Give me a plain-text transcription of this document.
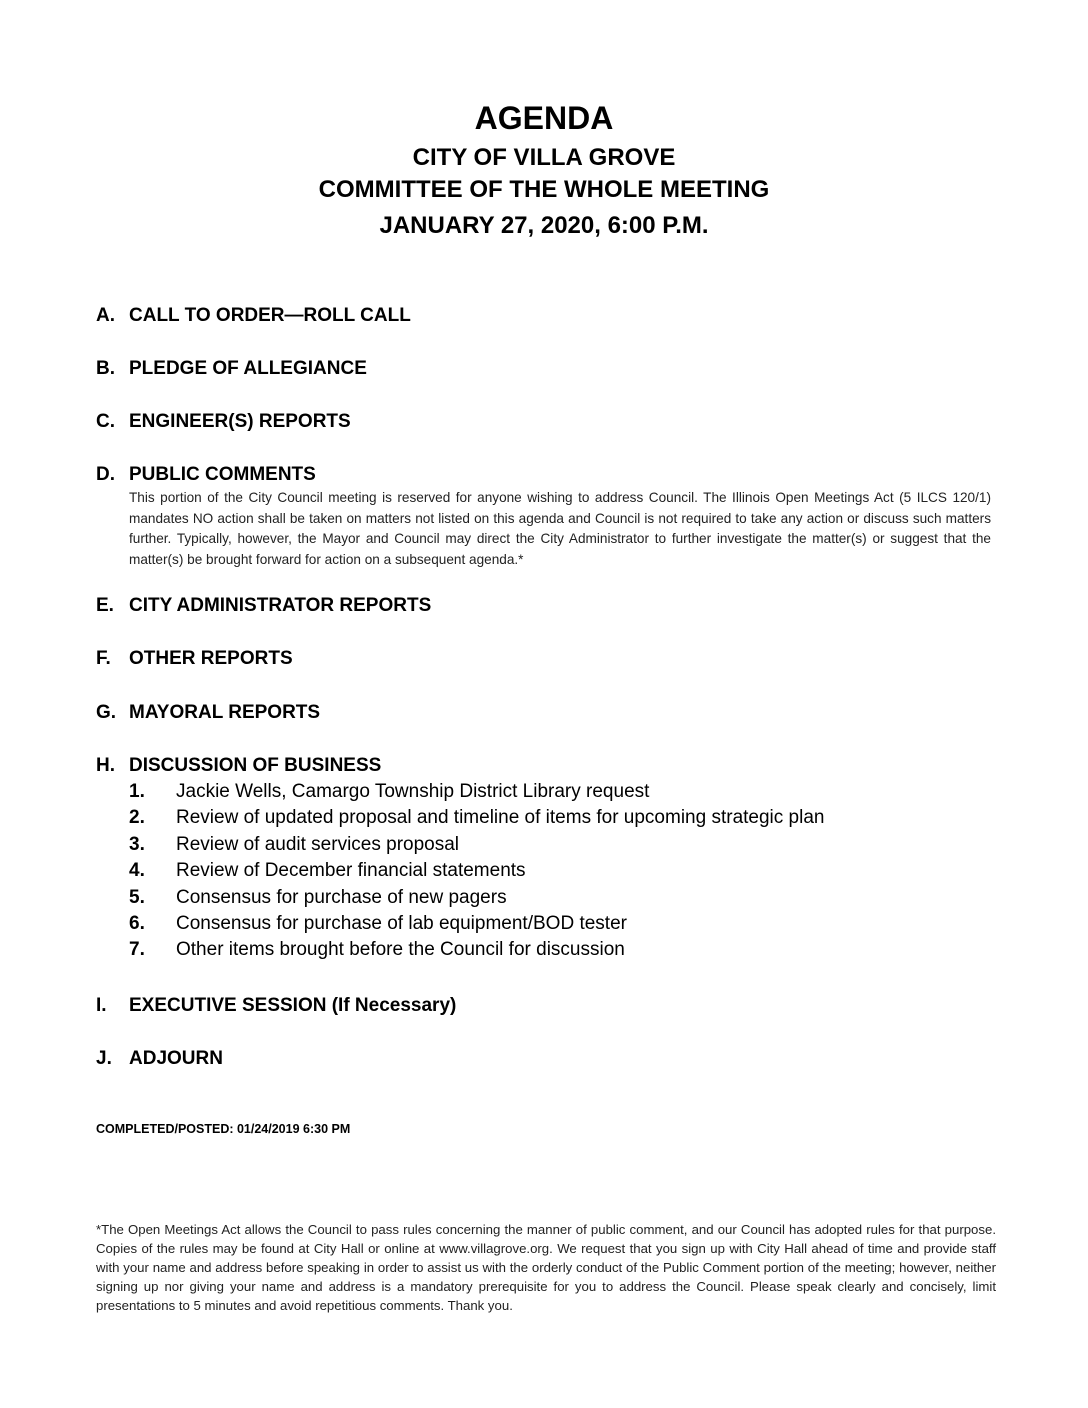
AGENDA
CITY OF VILLA GROVE
COMMITTEE OF THE WHOLE MEETING
JANUARY 27, 2020, 6:00 P.M.
A. CALL TO ORDER—ROLL CALL
B. PLEDGE OF ALLEGIANCE
C. ENGINEER(S) REPORTS
D. PUBLIC COMMENTS
This portion of the City Council meeting is reserved for anyone wishing to address Council. The Illinois Open Meetings Act (5 ILCS 120/1) mandates NO action shall be taken on matters not listed on this agenda and Council is not required to take any action or discuss such matters further. Typically, however, the Mayor and Council may direct the City Administrator to further investigate the matter(s) or suggest that the matter(s) be brought forward for action on a subsequent agenda.*
E. CITY ADMINISTRATOR REPORTS
F. OTHER REPORTS
G. MAYORAL REPORTS
H. DISCUSSION OF BUSINESS
1. Jackie Wells, Camargo Township District Library request
2. Review of updated proposal and timeline of items for upcoming strategic plan
3. Review of audit services proposal
4. Review of December financial statements
5. Consensus for purchase of new pagers
6. Consensus for purchase of lab equipment/BOD tester
7. Other items brought before the Council for discussion
I. EXECUTIVE SESSION (If Necessary)
J. ADJOURN
COMPLETED/POSTED: 01/24/2019 6:30 PM
*The Open Meetings Act allows the Council to pass rules concerning the manner of public comment, and our Council has adopted rules for that purpose. Copies of the rules may be found at City Hall or online at www.villagrove.org. We request that you sign up with City Hall ahead of time and provide staff with your name and address before speaking in order to assist us with the orderly conduct of the Public Comment portion of the meeting; however, neither signing up nor giving your name and address is a mandatory prerequisite for you to address the Council. Please speak clearly and concisely, limit presentations to 5 minutes and avoid repetitious comments. Thank you.
